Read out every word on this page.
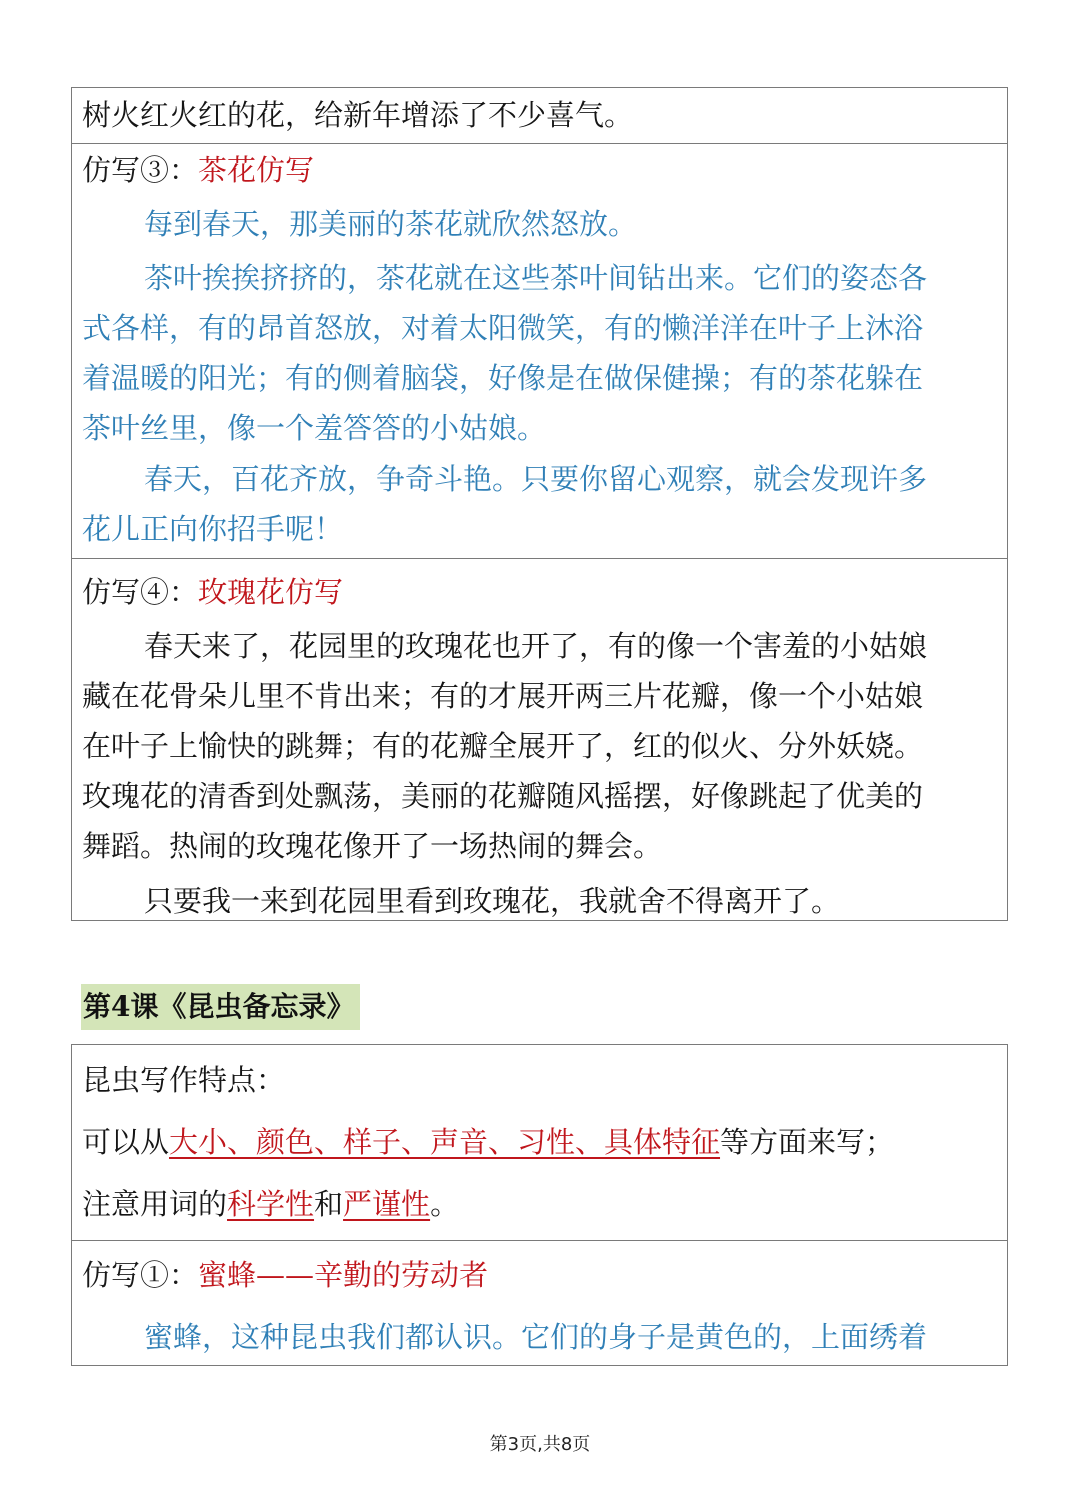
树火红火红的花，给新年增添了不少喜气。
仿写③：茶花仿写
每到春天，那美丽的茶花就欣然怒放。
茶叶挨挨挤挤的，茶花就在这些茶叶间钻出来。它们的姿态各
式各样，有的昂首怒放，对着太阳微笑，有的懒洋洋在叶子上沐浴
着温暖的阳光；有的侧着脑袋，好像是在做保健操；有的茶花躲在
茶叶丝里，像一个羞答答的小姑娘。
春天，百花齐放，争奇斗艳。只要你留心观察，就会发现许多
花儿正向你招手呢！
仿写④：玫瑰花仿写
春天来了，花园里的玫瑰花也开了，有的像一个害羞的小姑娘
藏在花骨朵儿里不肯出来；有的才展开两三片花瓣，像一个小姑娘
在叶子上愉快的跳舞；有的花瓣全展开了，红的似火、分外妖娆。
玫瑰花的清香到处飘荡，美丽的花瓣随风摇摆，好像跳起了优美的
舞蹈。热闹的玫瑰花像开了一场热闹的舞会。
只要我一来到花园里看到玫瑰花，我就舍不得离开了。
第4课《昆虫备忘录》
昆虫写作特点：
可以从大小、颜色、样子、声音、习性、具体特征等方面来写；
注意用词的科学性和严谨性。
仿写①：蜜蜂——辛勤的劳动者
蜜蜂，这种昆虫我们都认识。它们的身子是黄色的，上面绣着
第3页,共8页
